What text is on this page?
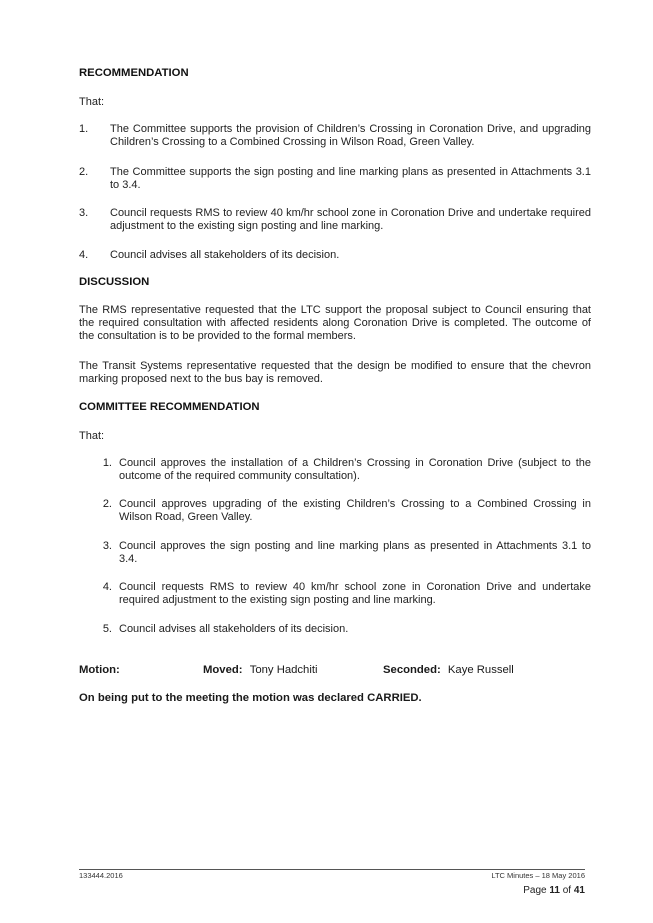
RECOMMENDATION
That:
1. The Committee supports the provision of Children’s Crossing in Coronation Drive, and upgrading Children’s Crossing to a Combined Crossing in Wilson Road, Green Valley.
2. The Committee supports the sign posting and line marking plans as presented in Attachments 3.1 to 3.4.
3. Council requests RMS to review 40 km/hr school zone in Coronation Drive and undertake required adjustment to the existing sign posting and line marking.
4. Council advises all stakeholders of its decision.
DISCUSSION
The RMS representative requested that the LTC support the proposal subject to Council ensuring that the required consultation with affected residents along Coronation Drive is completed. The outcome of the consultation is to be provided to the formal members.
The Transit Systems representative requested that the design be modified to ensure that the chevron marking proposed next to the bus bay is removed.
COMMITTEE RECOMMENDATION
That:
1. Council approves the installation of a Children’s Crossing in Coronation Drive (subject to the outcome of the required community consultation).
2. Council approves upgrading of the existing Children’s Crossing to a Combined Crossing in Wilson Road, Green Valley.
3. Council approves the sign posting and line marking plans as presented in Attachments 3.1 to 3.4.
4. Council requests RMS to review 40 km/hr school zone in Coronation Drive and undertake required adjustment to the existing sign posting and line marking.
5. Council advises all stakeholders of its decision.
Motion:	Moved: Tony Hadchiti	Seconded: Kaye Russell
On being put to the meeting the motion was declared CARRIED.
133444.2016	LTC Minutes – 18 May 2016
Page 11 of 41
